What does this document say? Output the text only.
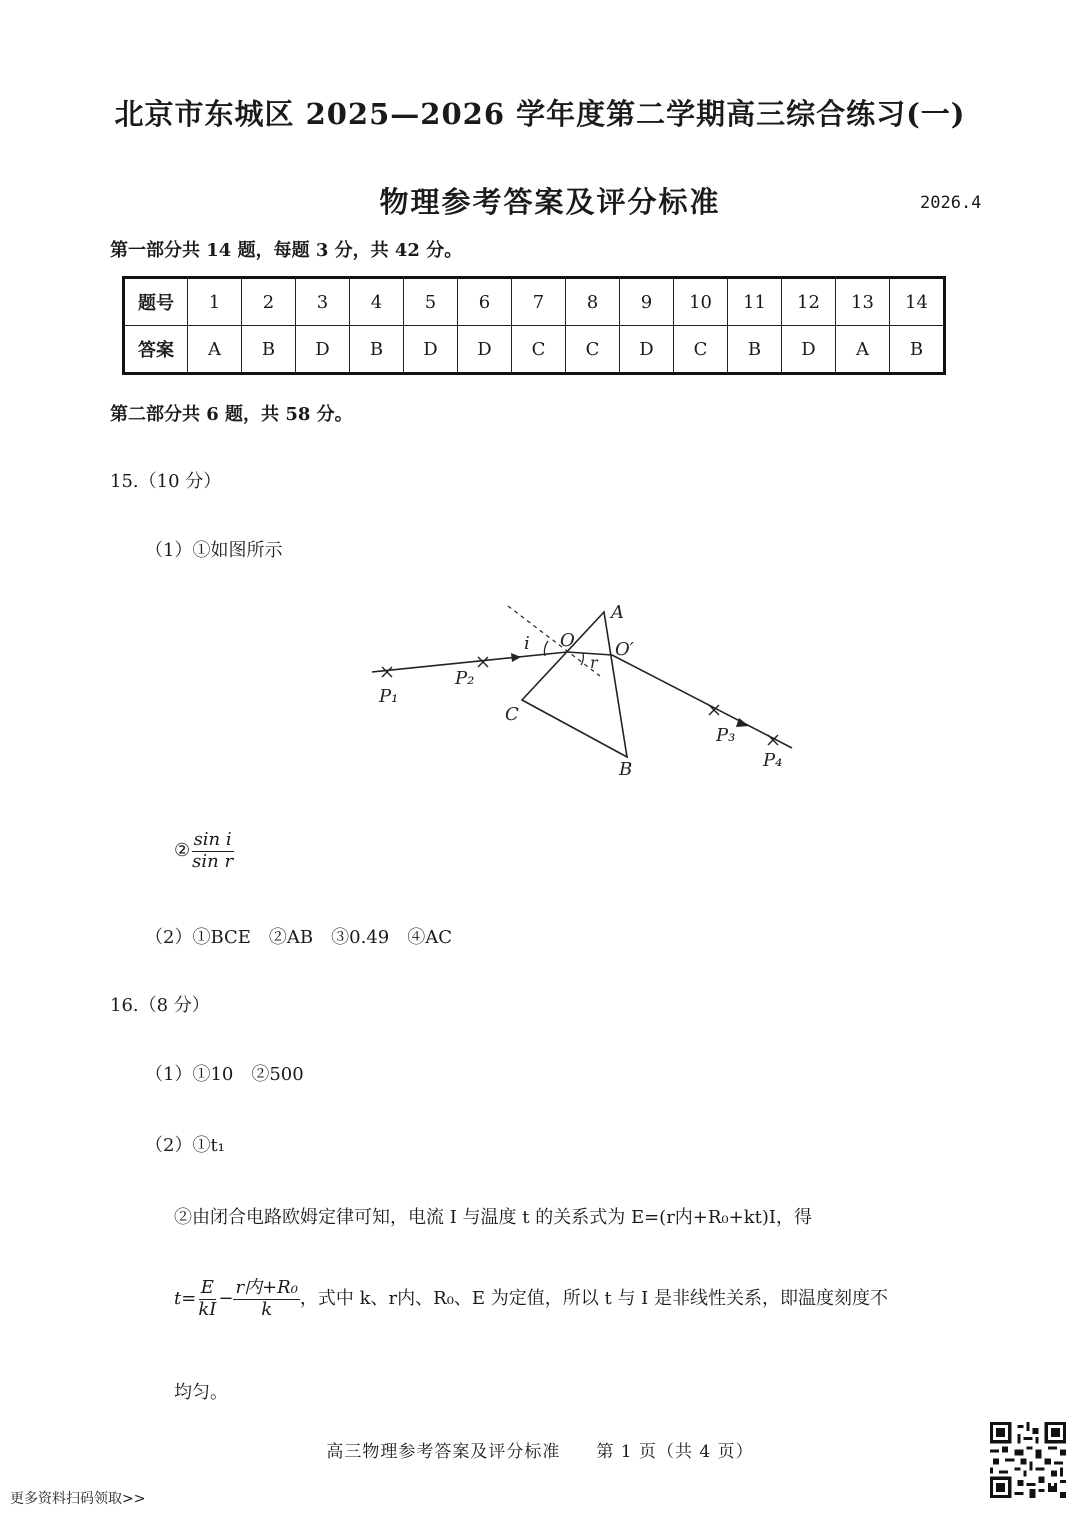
北京市东城区 2025—2026 学年度第二学期高三综合练习(一)
物理参考答案及评分标准	2026.4
第一部分共 14 题，每题 3 分，共 42 分。
题号	1	2	3	4	5	6	7	8	9	10	11	12	13	14
答案	A	B	D	B	D	D	C	C	D	C	B	D	A	B
第二部分共 6 题，共 58 分。
15.（10 分）
（1）①如图所示
A
O O′
C
B
i
r
P₁
P₂
P₃
P₄
② $\frac{\text{sin i}}{\text{sin r}}$
（2）①BCE　②AB　③0.49　④AC
16.（8 分）
（1）①10　②500
（2）①t₁
②由闭合电路欧姆定律可知，电流 I 与温度 t 的关系式为 E=(r内+R₀+kt)I，得
$t= \frac{E}{kI} - \frac{\text{r内+R₀}}{k}$ ，式中 k、r内、R₀、E 为定值，所以 t 与 I 是非线性关系，即温度刻度不
均匀。
高三物理参考答案及评分标准　　第 1 页（共 4 页）
更多资料扫码领取>>
